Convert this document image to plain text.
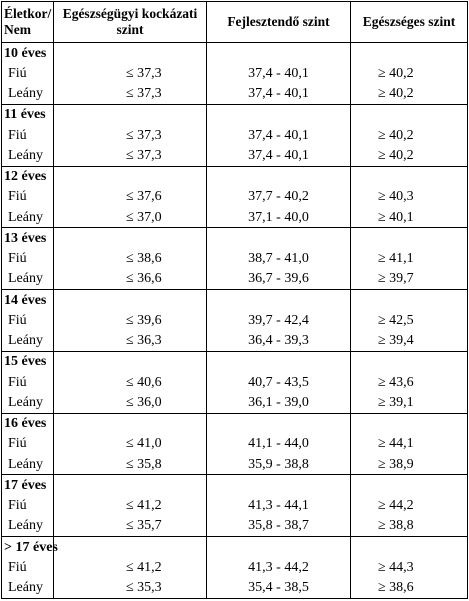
Életkor/ Nem	Egészségügyi kockázati szint	Fejlesztendő szint	Egészséges szint
10 éves			
Fiú	≤ 37,3	37,4 - 40,1	≥ 40,2
Leány	≤ 37,3	37,4 - 40,1	≥ 40,2
11 éves			
Fiú	≤ 37,3	37,4 - 40,1	≥ 40,2
Leány	≤ 37,3	37,4 - 40,1	≥ 40,2
12 éves			
Fiú	≤ 37,6	37,7 - 40,2	≥ 40,3
Leány	≤ 37,0	37,1 - 40,0	≥ 40,1
13 éves			
Fiú	≤ 38,6	38,7 - 41,0	≥ 41,1
Leány	≤ 36,6	36,7 - 39,6	≥ 39,7
14 éves			
Fiú	≤ 39,6	39,7 - 42,4	≥ 42,5
Leány	≤ 36,3	36,4 - 39,3	≥ 39,4
15 éves			
Fiú	≤ 40,6	40,7 - 43,5	≥ 43,6
Leány	≤ 36,0	36,1 - 39,0	≥ 39,1
16 éves			
Fiú	≤ 41,0	41,1 - 44,0	≥ 44,1
Leány	≤ 35,8	35,9 - 38,8	≥ 38,9
17 éves			
Fiú	≤ 41,2	41,3 - 44,1	≥ 44,2
Leány	≤ 35,7	35,8 - 38,7	≥ 38,8
> 17 éves			
Fiú	≤ 41,2	41,3 - 44,2	≥ 44,3
Leány	≤ 35,3	35,4 - 38,5	≥ 38,6
